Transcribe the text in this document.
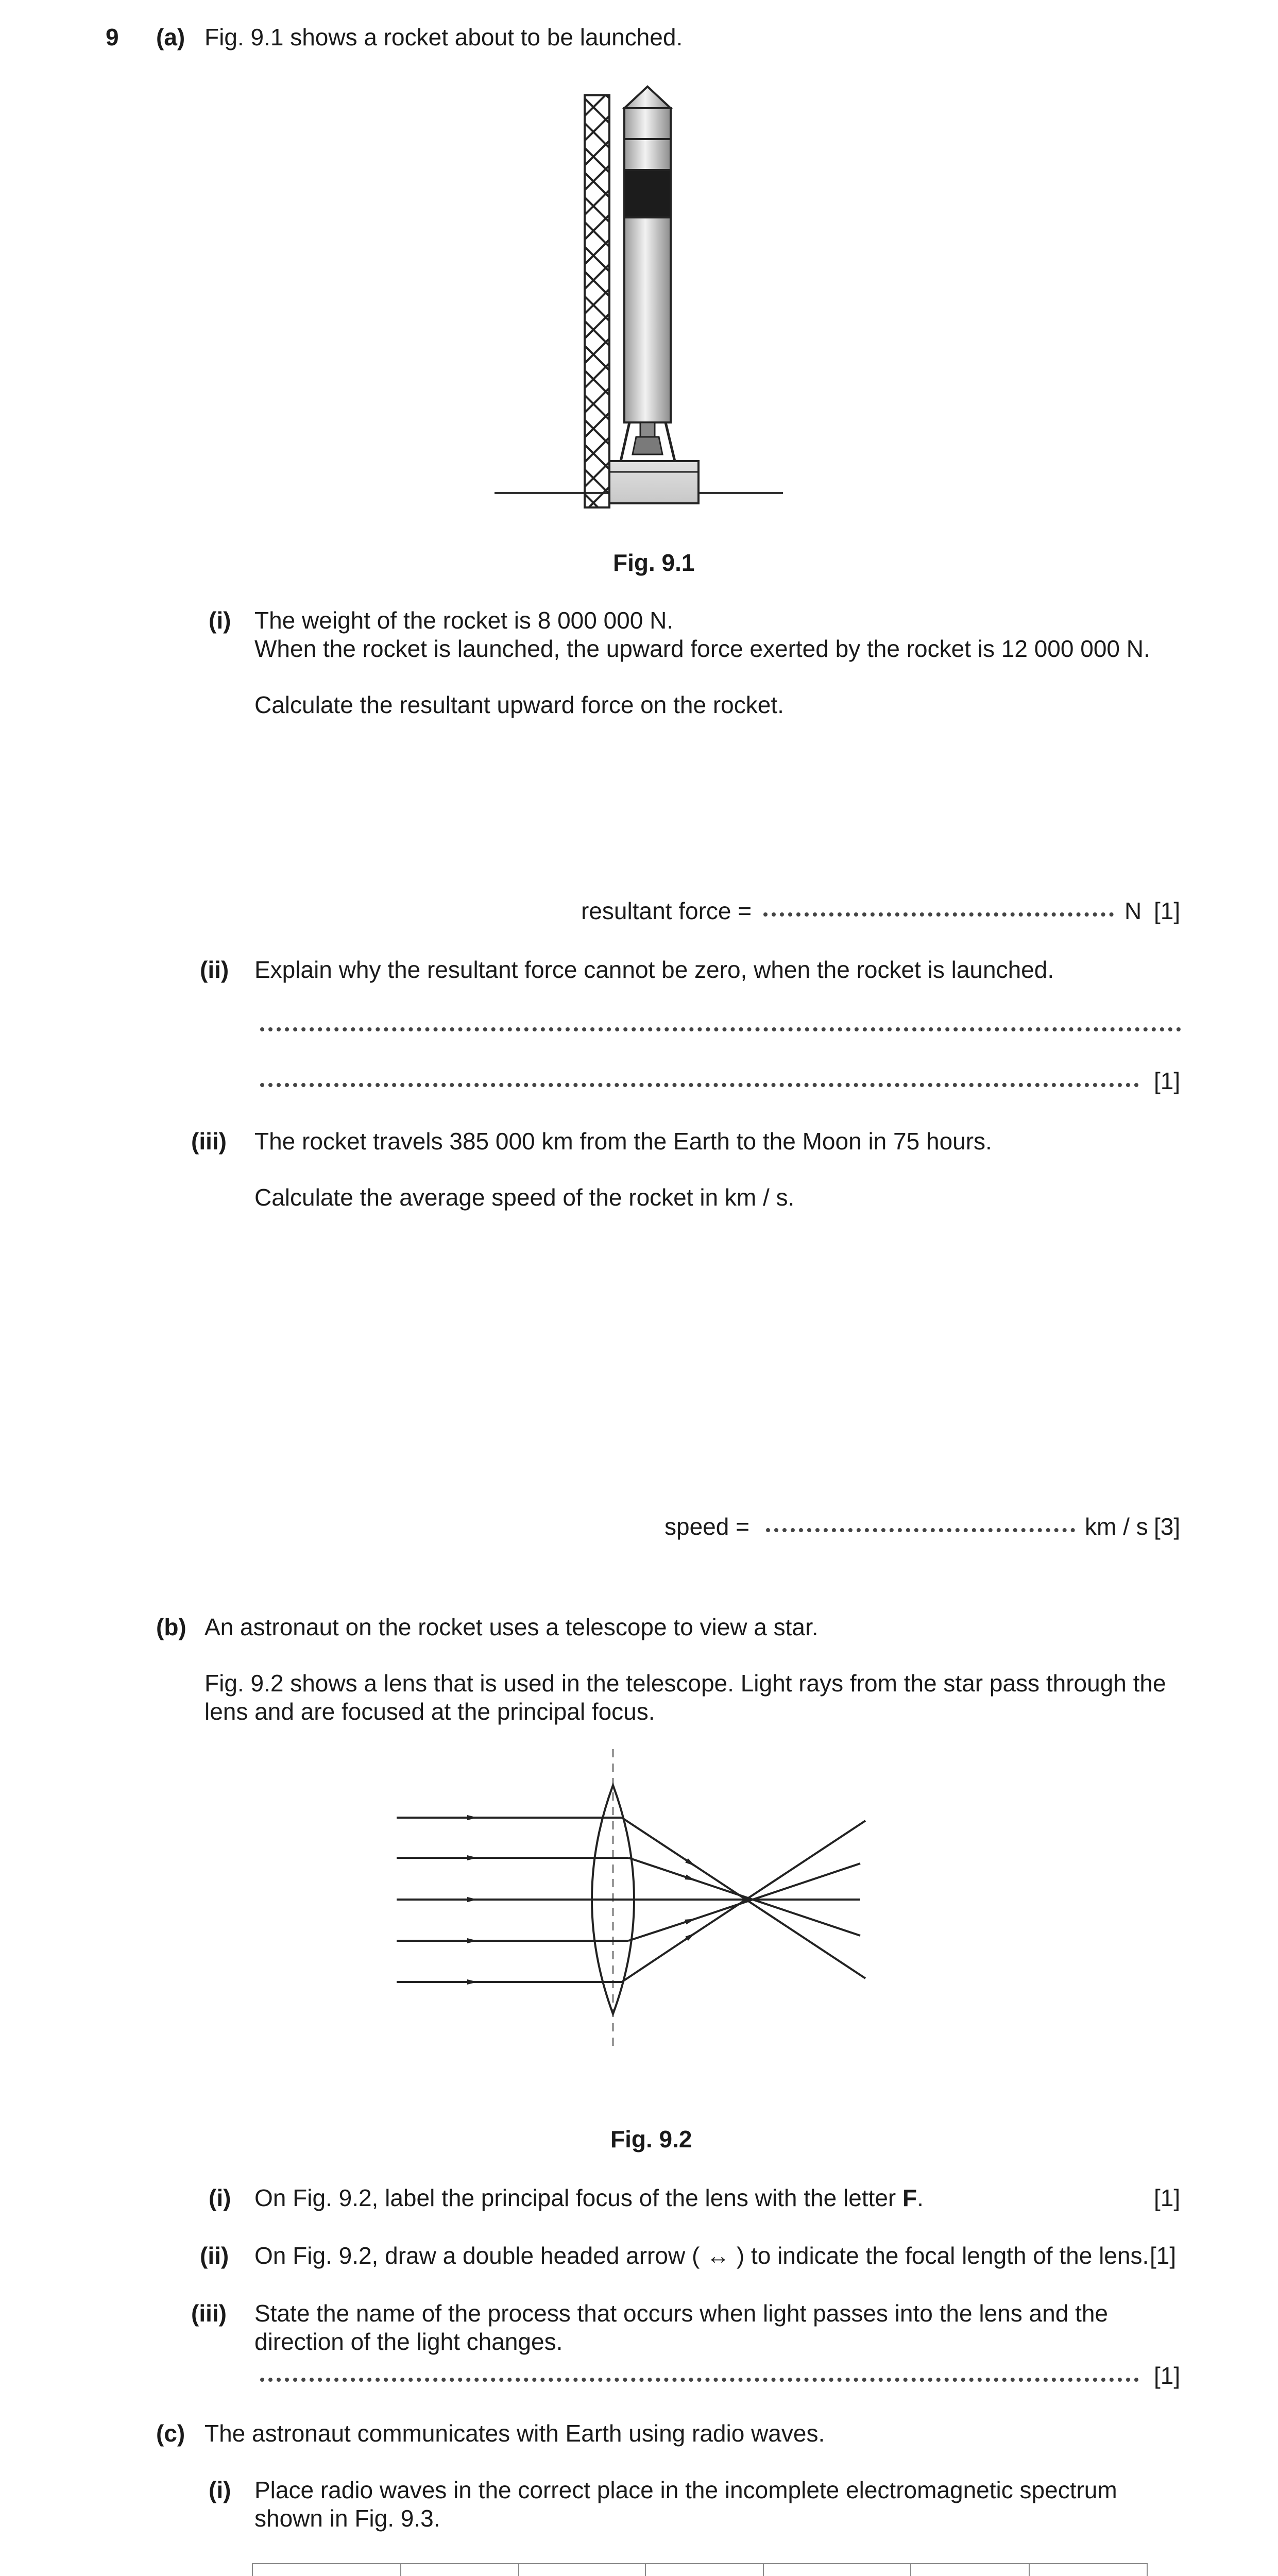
9 (a) Fig. 9.1 shows a rocket about to be launched.
Fig. 9.1
(i) The weight of the rocket is 8 000 000 N.
When the rocket is launched, the upward force exerted by the rocket is 12 000 000 N.
Calculate the resultant upward force on the rocket.
resultant force =	N [1]
(ii) Explain why the resultant force cannot be zero, when the rocket is launched.
[1]
(iii) The rocket travels 385 000 km from the Earth to the Moon in 75 hours.
Calculate the average speed of the rocket in km / s.
speed =	km / s [3]
(b) An astronaut on the rocket uses a telescope to view a star.
Fig. 9.2 shows a lens that is used in the telescope. Light rays from the star pass through the
lens and are focused at the principal focus.
Fig. 9.2
(i) On Fig. 9.2, label the principal focus of the lens with the letter F.	[1]
(ii) On Fig. 9.2, draw a double headed arrow ( ↔ ) to indicate the focal length of the lens. [1]
(iii) State the name of the process that occurs when light passes into the lens and the
direction of the light changes.
[1]
(c) The astronaut communicates with Earth using radio waves.
(i) Place radio waves in the correct place in the incomplete electromagnetic spectrum
shown in Fig. 9.3.
